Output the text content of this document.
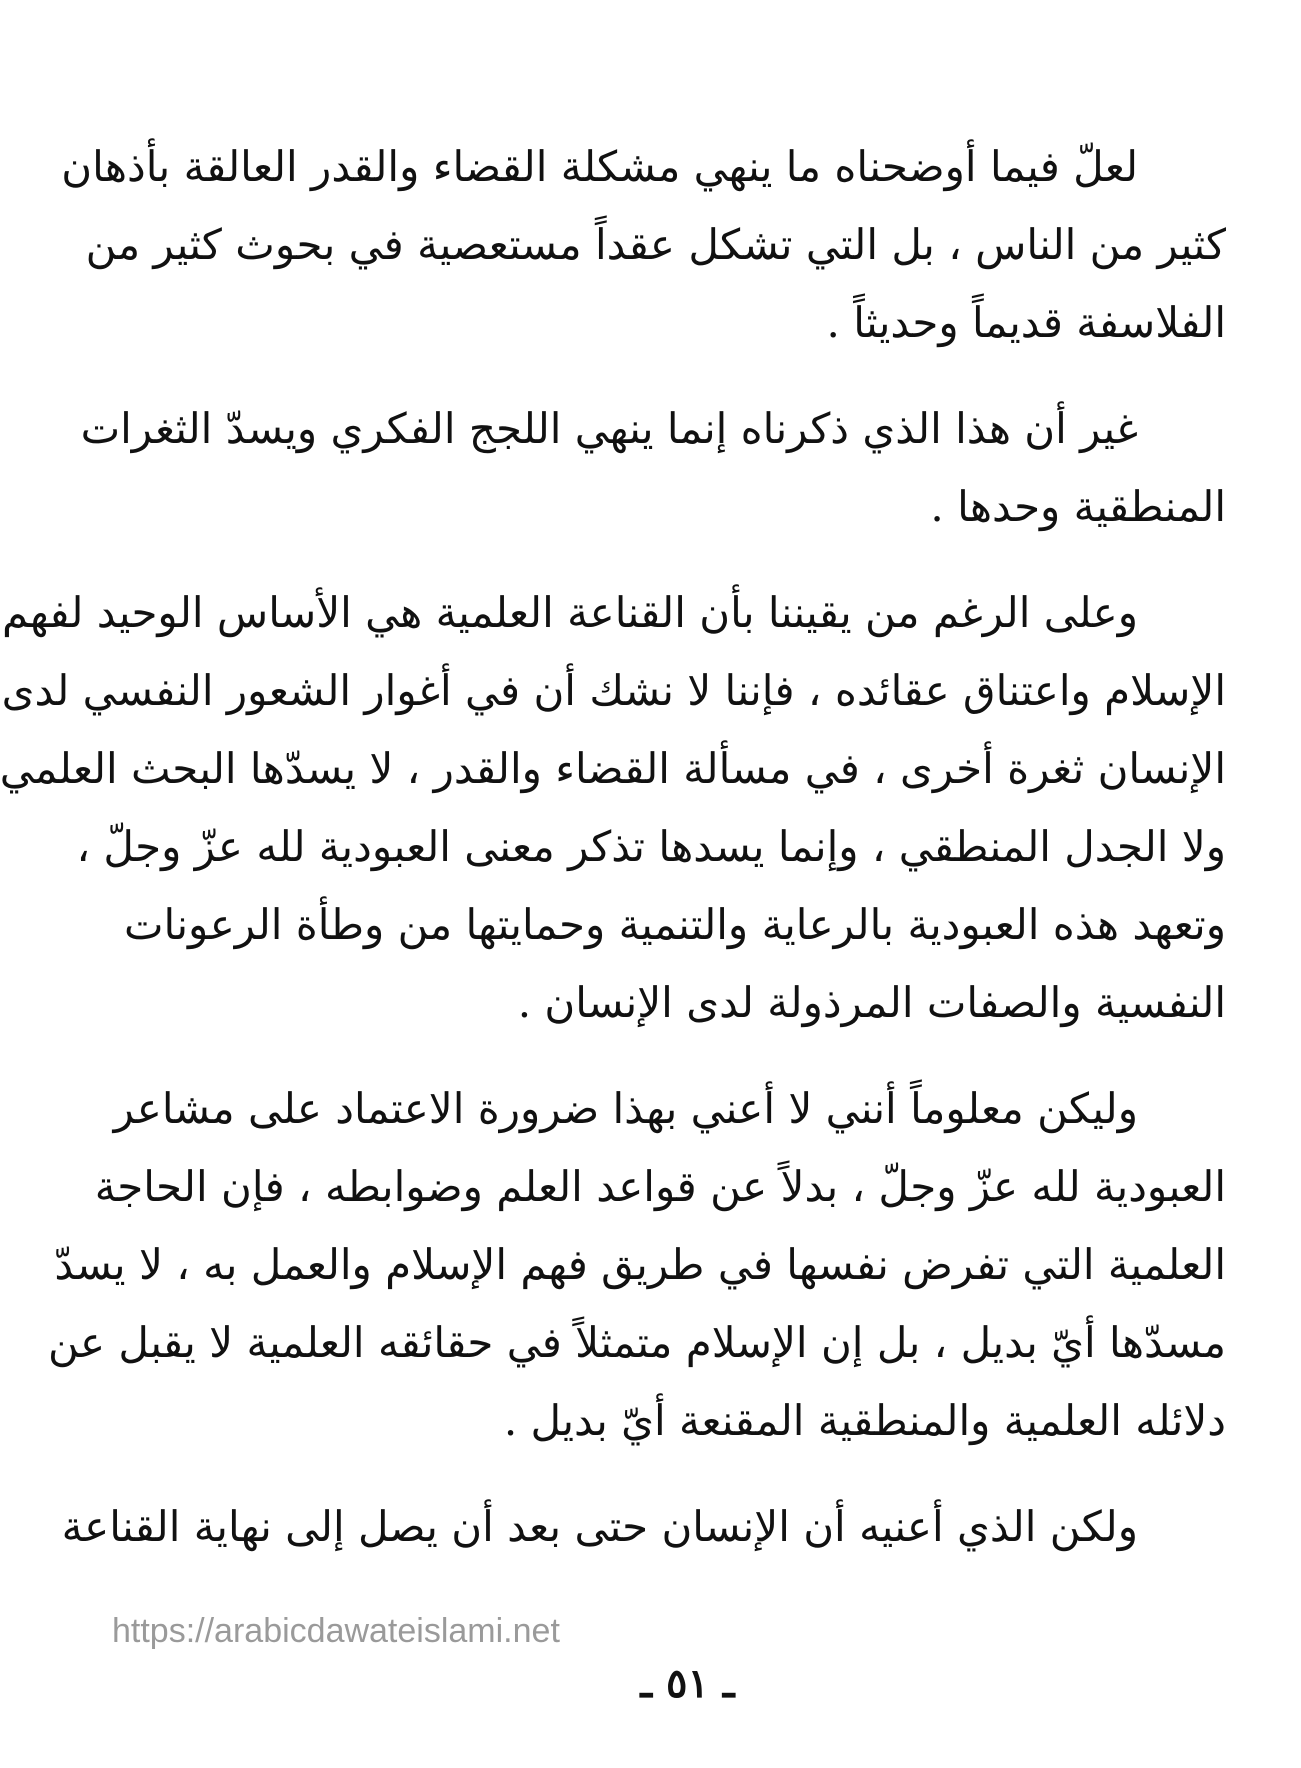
لعلّ فيما أوضحناه ما ينهي مشكلة القضاء والقدر العالقة بأذهان
كثير من الناس ، بل التي تشكل عقداً مستعصية في بحوث كثير من
الفلاسفة قديماً وحديثاً .
غير أن هذا الذي ذكرناه إنما ينهي اللجج الفكري ويسدّ الثغرات
المنطقية وحدها .
وعلى الرغم من يقيننا بأن القناعة العلمية هي الأساس الوحيد لفهم
الإسلام واعتناق عقائده ، فإننا لا نشك أن في أغوار الشعور النفسي لدى
الإنسان ثغرة أخرى ، في مسألة القضاء والقدر ، لا يسدّها البحث العلمي
ولا الجدل المنطقي ، وإنما يسدها تذكر معنى العبودية لله عزّ وجلّ ،
وتعهد هذه العبودية بالرعاية والتنمية وحمايتها من وطأة الرعونات
النفسية والصفات المرذولة لدى الإنسان .
وليكن معلوماً أنني لا أعني بهذا ضرورة الاعتماد على مشاعر
العبودية لله عزّ وجلّ ، بدلاً عن قواعد العلم وضوابطه ، فإن الحاجة
العلمية التي تفرض نفسها في طريق فهم الإسلام والعمل به ، لا يسدّ
مسدّها أيّ بديل ، بل إن الإسلام متمثلاً في حقائقه العلمية لا يقبل عن
دلائله العلمية والمنطقية المقنعة أيّ بديل .
ولكن الذي أعنيه أن الإنسان حتى بعد أن يصل إلى نهاية القناعة
https://arabicdawateislami.net
ـ ٥١ ـ
